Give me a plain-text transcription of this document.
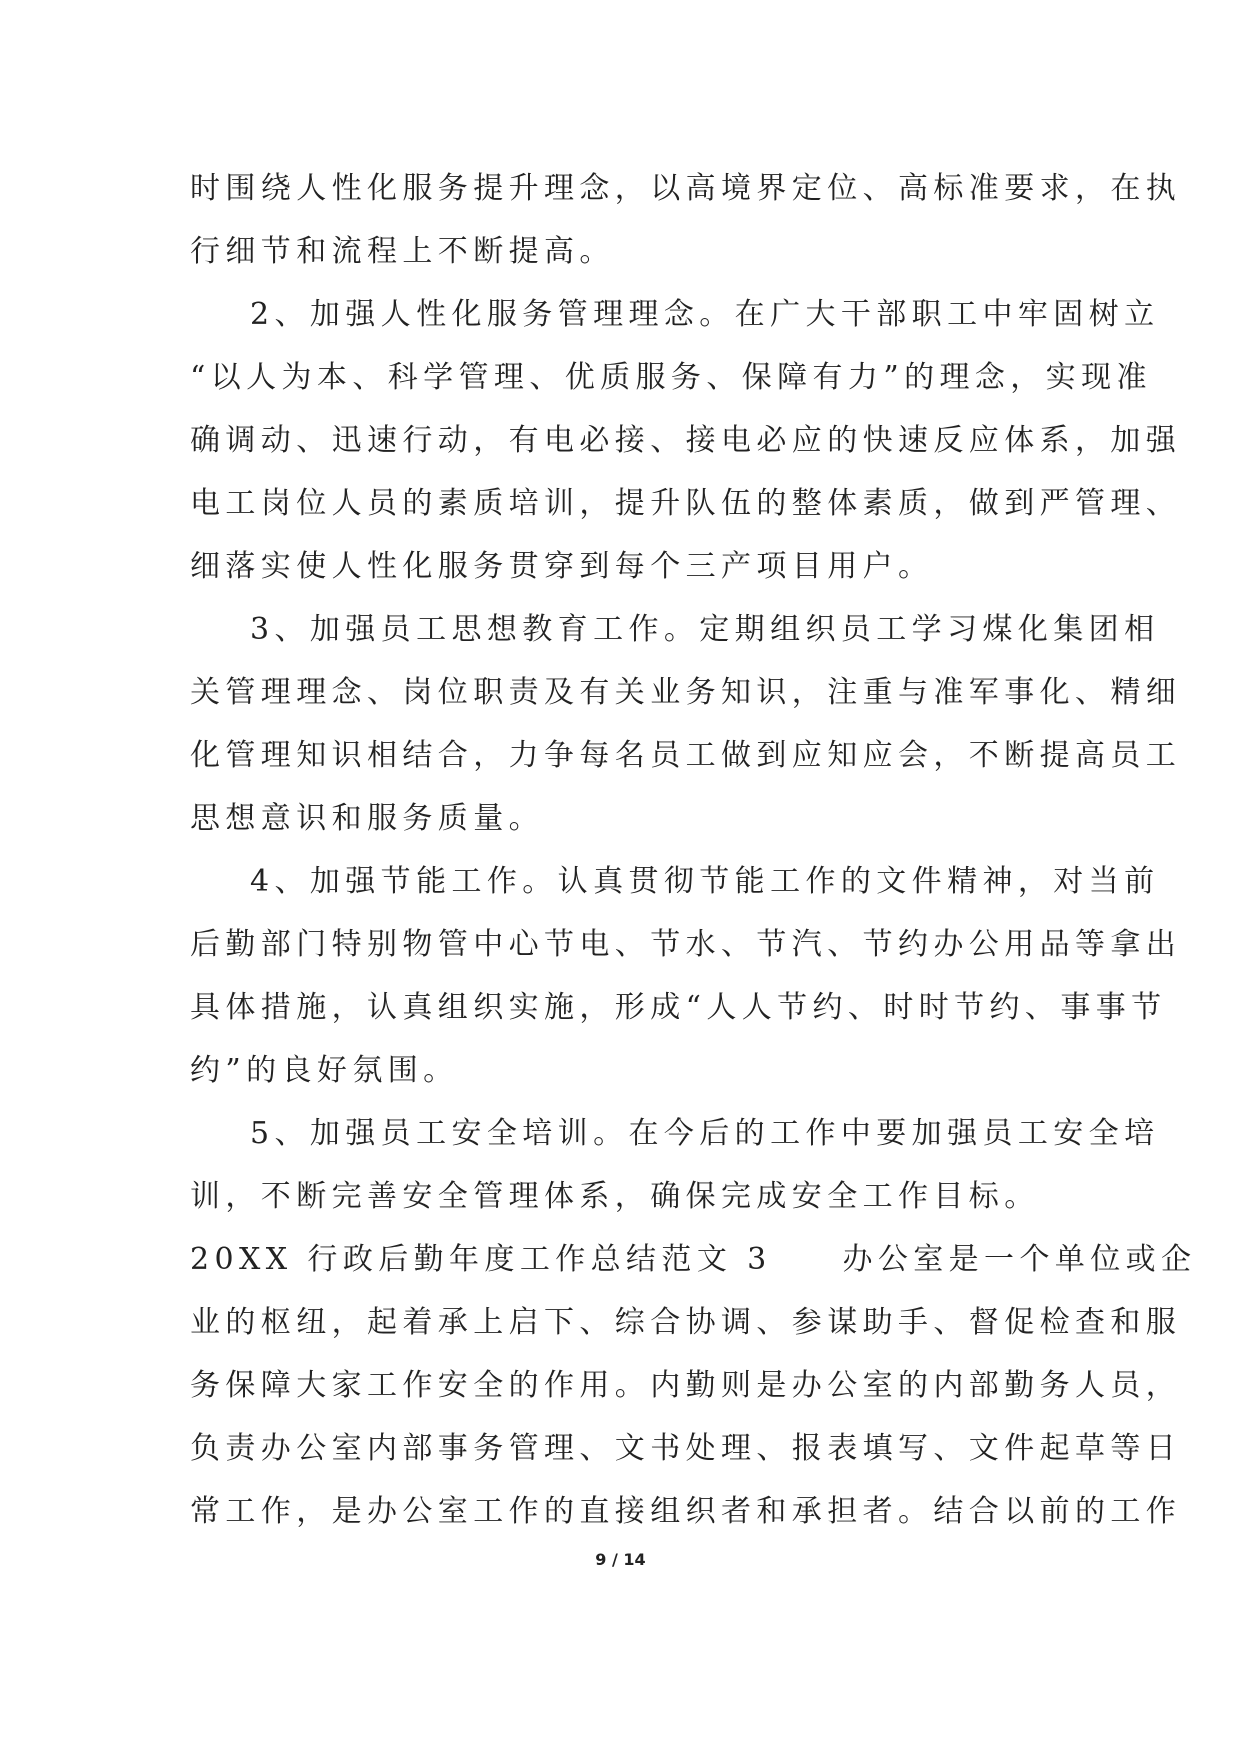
时围绕人性化服务提升理念，以高境界定位、高标准要求，在执
行细节和流程上不断提高。
2、加强人性化服务管理理念。在广大干部职工中牢固树立
“以人为本、科学管理、优质服务、保障有力”的理念，实现准
确调动、迅速行动，有电必接、接电必应的快速反应体系，加强
电工岗位人员的素质培训，提升队伍的整体素质，做到严管理、
细落实使人性化服务贯穿到每个三产项目用户。
3、加强员工思想教育工作。定期组织员工学习煤化集团相
关管理理念、岗位职责及有关业务知识，注重与准军事化、精细
化管理知识相结合，力争每名员工做到应知应会，不断提高员工
思想意识和服务质量。
4、加强节能工作。认真贯彻节能工作的文件精神，对当前
后勤部门特别物管中心节电、节水、节汽、节约办公用品等拿出
具体措施，认真组织实施，形成“人人节约、时时节约、事事节
约”的良好氛围。
5、加强员工安全培训。在今后的工作中要加强员工安全培
训，不断完善安全管理体系，确保完成安全工作目标。
20XX 行政后勤年度工作总结范文 3　　办公室是一个单位或企
业的枢纽，起着承上启下、综合协调、参谋助手、督促检查和服
务保障大家工作安全的作用。内勤则是办公室的内部勤务人员，
负责办公室内部事务管理、文书处理、报表填写、文件起草等日
常工作，是办公室工作的直接组织者和承担者。结合以前的工作
9 / 14
